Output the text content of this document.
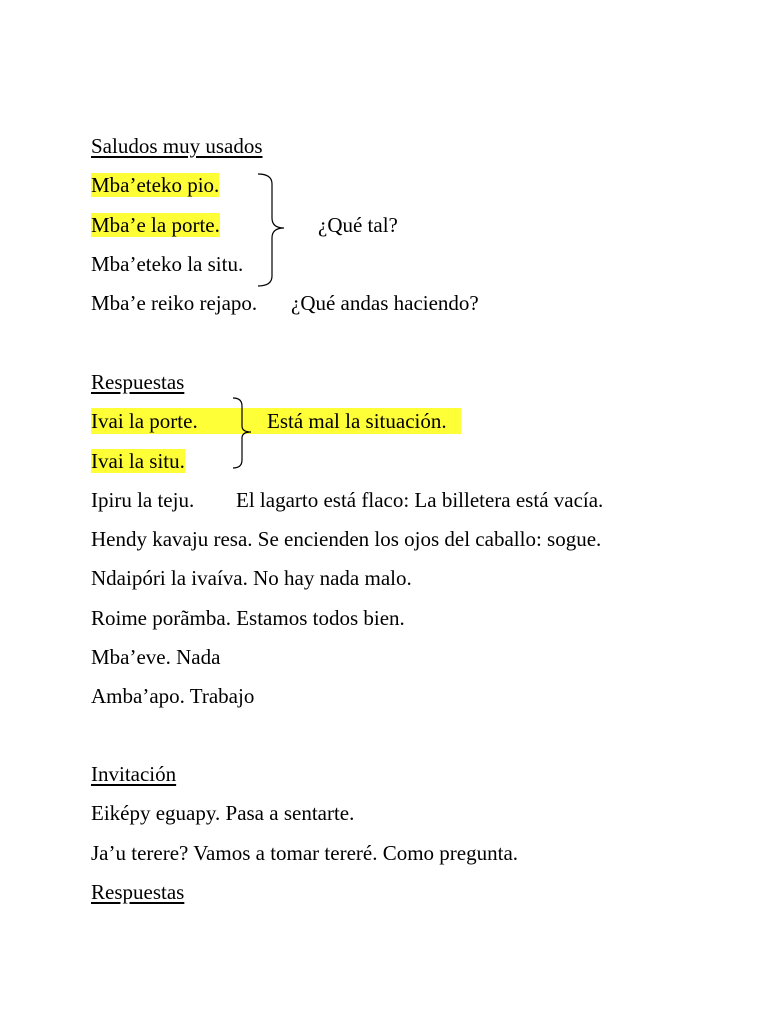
Saludos muy usados
Mba’eteko pio.
Mba’e la porte.
Mba’eteko la situ.
¿Qué tal?
Mba’e reiko rejapo. ¿Qué andas haciendo?
Respuestas
Ivai la porte.	Está mal la situación.
Ivai la situ.
Ipiru la teju. El lagarto está flaco: La billetera está vacía.
Hendy kavaju resa. Se encienden los ojos del caballo: sogue.
Ndaipóri la ivaíva. No hay nada malo.
Roime porãmba. Estamos todos bien.
Mba’eve. Nada
Amba’apo. Trabajo
Invitación
Eiképy eguapy. Pasa a sentarte.
Ja’u terere? Vamos a tomar tereré. Como pregunta.
Respuestas
